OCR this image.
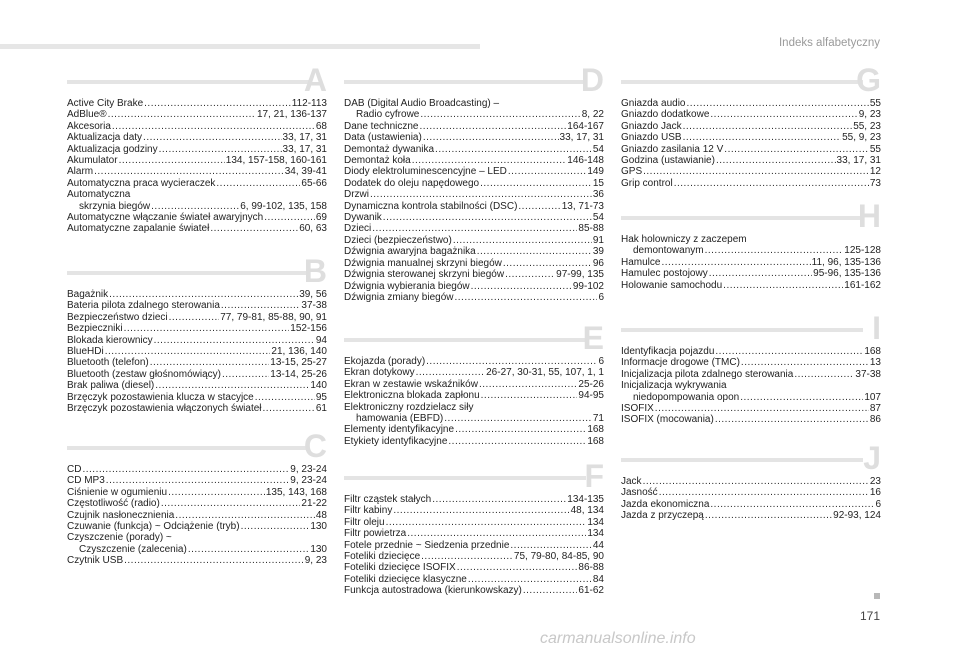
Indeks alfabetyczny
A
Active City Brake .....	112-113
AdBlue® .....	17, 21, 136-137
Akcesoria .....	68
Aktualizacja daty .....	33, 17, 31
Aktualizacja godziny .....	33, 17, 31
Akumulator .....	134, 157-158, 160-161
Alarm .....	34, 39-41
Automatyczna praca wycieraczek .....	65-66
Automatyczna
skrzynia biegów .....	6, 99-102, 135, 158
Automatyczne włączanie świateł awaryjnych .....	69
Automatyczne zapalanie świateł .....	60, 63
B
Bagażnik .....	39, 56
Bateria pilota zdalnego sterowania .....	37-38
Bezpieczeństwo dzieci .....	77, 79-81, 85-88, 90, 91
Bezpieczniki .....	152-156
Blokada kierownicy .....	94
BlueHDi .....	21, 136, 140
Bluetooth (telefon) .....	13-15, 25-27
Bluetooth (zestaw głośnomówiący) .....	13-14, 25-26
Brak paliwa (diesel) .....	140
Brzęczyk pozostawienia klucza w stacyjce .....	95
Brzęczyk pozostawienia włączonych świateł .....	61
C
CD .....	9, 23-24
CD MP3 .....	9, 23-24
Ciśnienie w ogumieniu .....	135, 143, 168
Częstotliwość (radio) .....	21-22
Czujnik nasłonecznienia .....	48
Czuwanie (funkcja) ~ Odciążenie (tryb) .....	130
Czyszczenie (porady) ~
Czyszczenie (zalecenia) .....	130
Czytnik USB .....	9, 23
D
DAB (Digital Audio Broadcasting) –
Radio cyfrowe .....	8, 22
Dane techniczne .....	164-167
Data (ustawienia) .....	33, 17, 31
Demontaż dywanika .....	54
Demontaż koła .....	146-148
Diody elektroluminescencyjne – LED .....	149
Dodatek do oleju napędowego .....	15
Drzwi .....	36
Dynamiczna kontrola stabilności (DSC) .....	13, 71-73
Dywanik .....	54
Dzieci .....	85-88
Dzieci (bezpieczeństwo) .....	91
Dźwignia awaryjna bagażnika .....	39
Dźwignia manualnej skrzyni biegów .....	96
Dźwignia sterowanej skrzyni biegów .....	97-99, 135
Dźwignia wybierania biegów .....	99-102
Dźwignia zmiany biegów .....	6
E
Ekojazda (porady) .....	6
Ekran dotykowy .....	26-27, 30-31, 55, 107, 1, 1
Ekran w zestawie wskaźników .....	25-26
Elektroniczna blokada zapłonu .....	94-95
Elektroniczny rozdzielacz siły
hamowania (EBFD) .....	71
Elementy identyfikacyjne .....	168
Etykiety identyfikacyjne .....	168
F
Filtr cząstek stałych .....	134-135
Filtr kabiny .....	48, 134
Filtr oleju .....	134
Filtr powietrza .....	134
Fotele przednie ~ Siedzenia przednie .....	44
Foteliki dziecięce .....	75, 79-80, 84-85, 90
Foteliki dziecięce ISOFIX .....	86-88
Foteliki dziecięce klasyczne .....	84
Funkcja autostradowa (kierunkowskazy) .....	61-62
G
Gniazda audio .....	55
Gniazdo dodatkowe .....	9, 23
Gniazdo Jack .....	55, 23
Gniazdo USB .....	55, 9, 23
Gniazdo zasilania 12 V .....	55
Godzina (ustawianie) .....	33, 17, 31
GPS .....	12
Grip control .....	73
H
Hak holowniczy z zaczepem
demontowanym .....	125-128
Hamulce .....	11, 96, 135-136
Hamulec postojowy .....	95-96, 135-136
Holowanie samochodu .....	161-162
I
Identyfikacja pojazdu .....	168
Informacje drogowe (TMC) .....	13
Inicjalizacja pilota zdalnego sterowania .....	37-38
Inicjalizacja wykrywania
niedopompowania opon .....	107
ISOFIX .....	87
ISOFIX (mocowania) .....	86
J
Jack .....	23
Jasność .....	16
Jazda ekonomiczna .....	6
Jazda z przyczepą .....	92-93, 124
171
carmanualsonline.info
